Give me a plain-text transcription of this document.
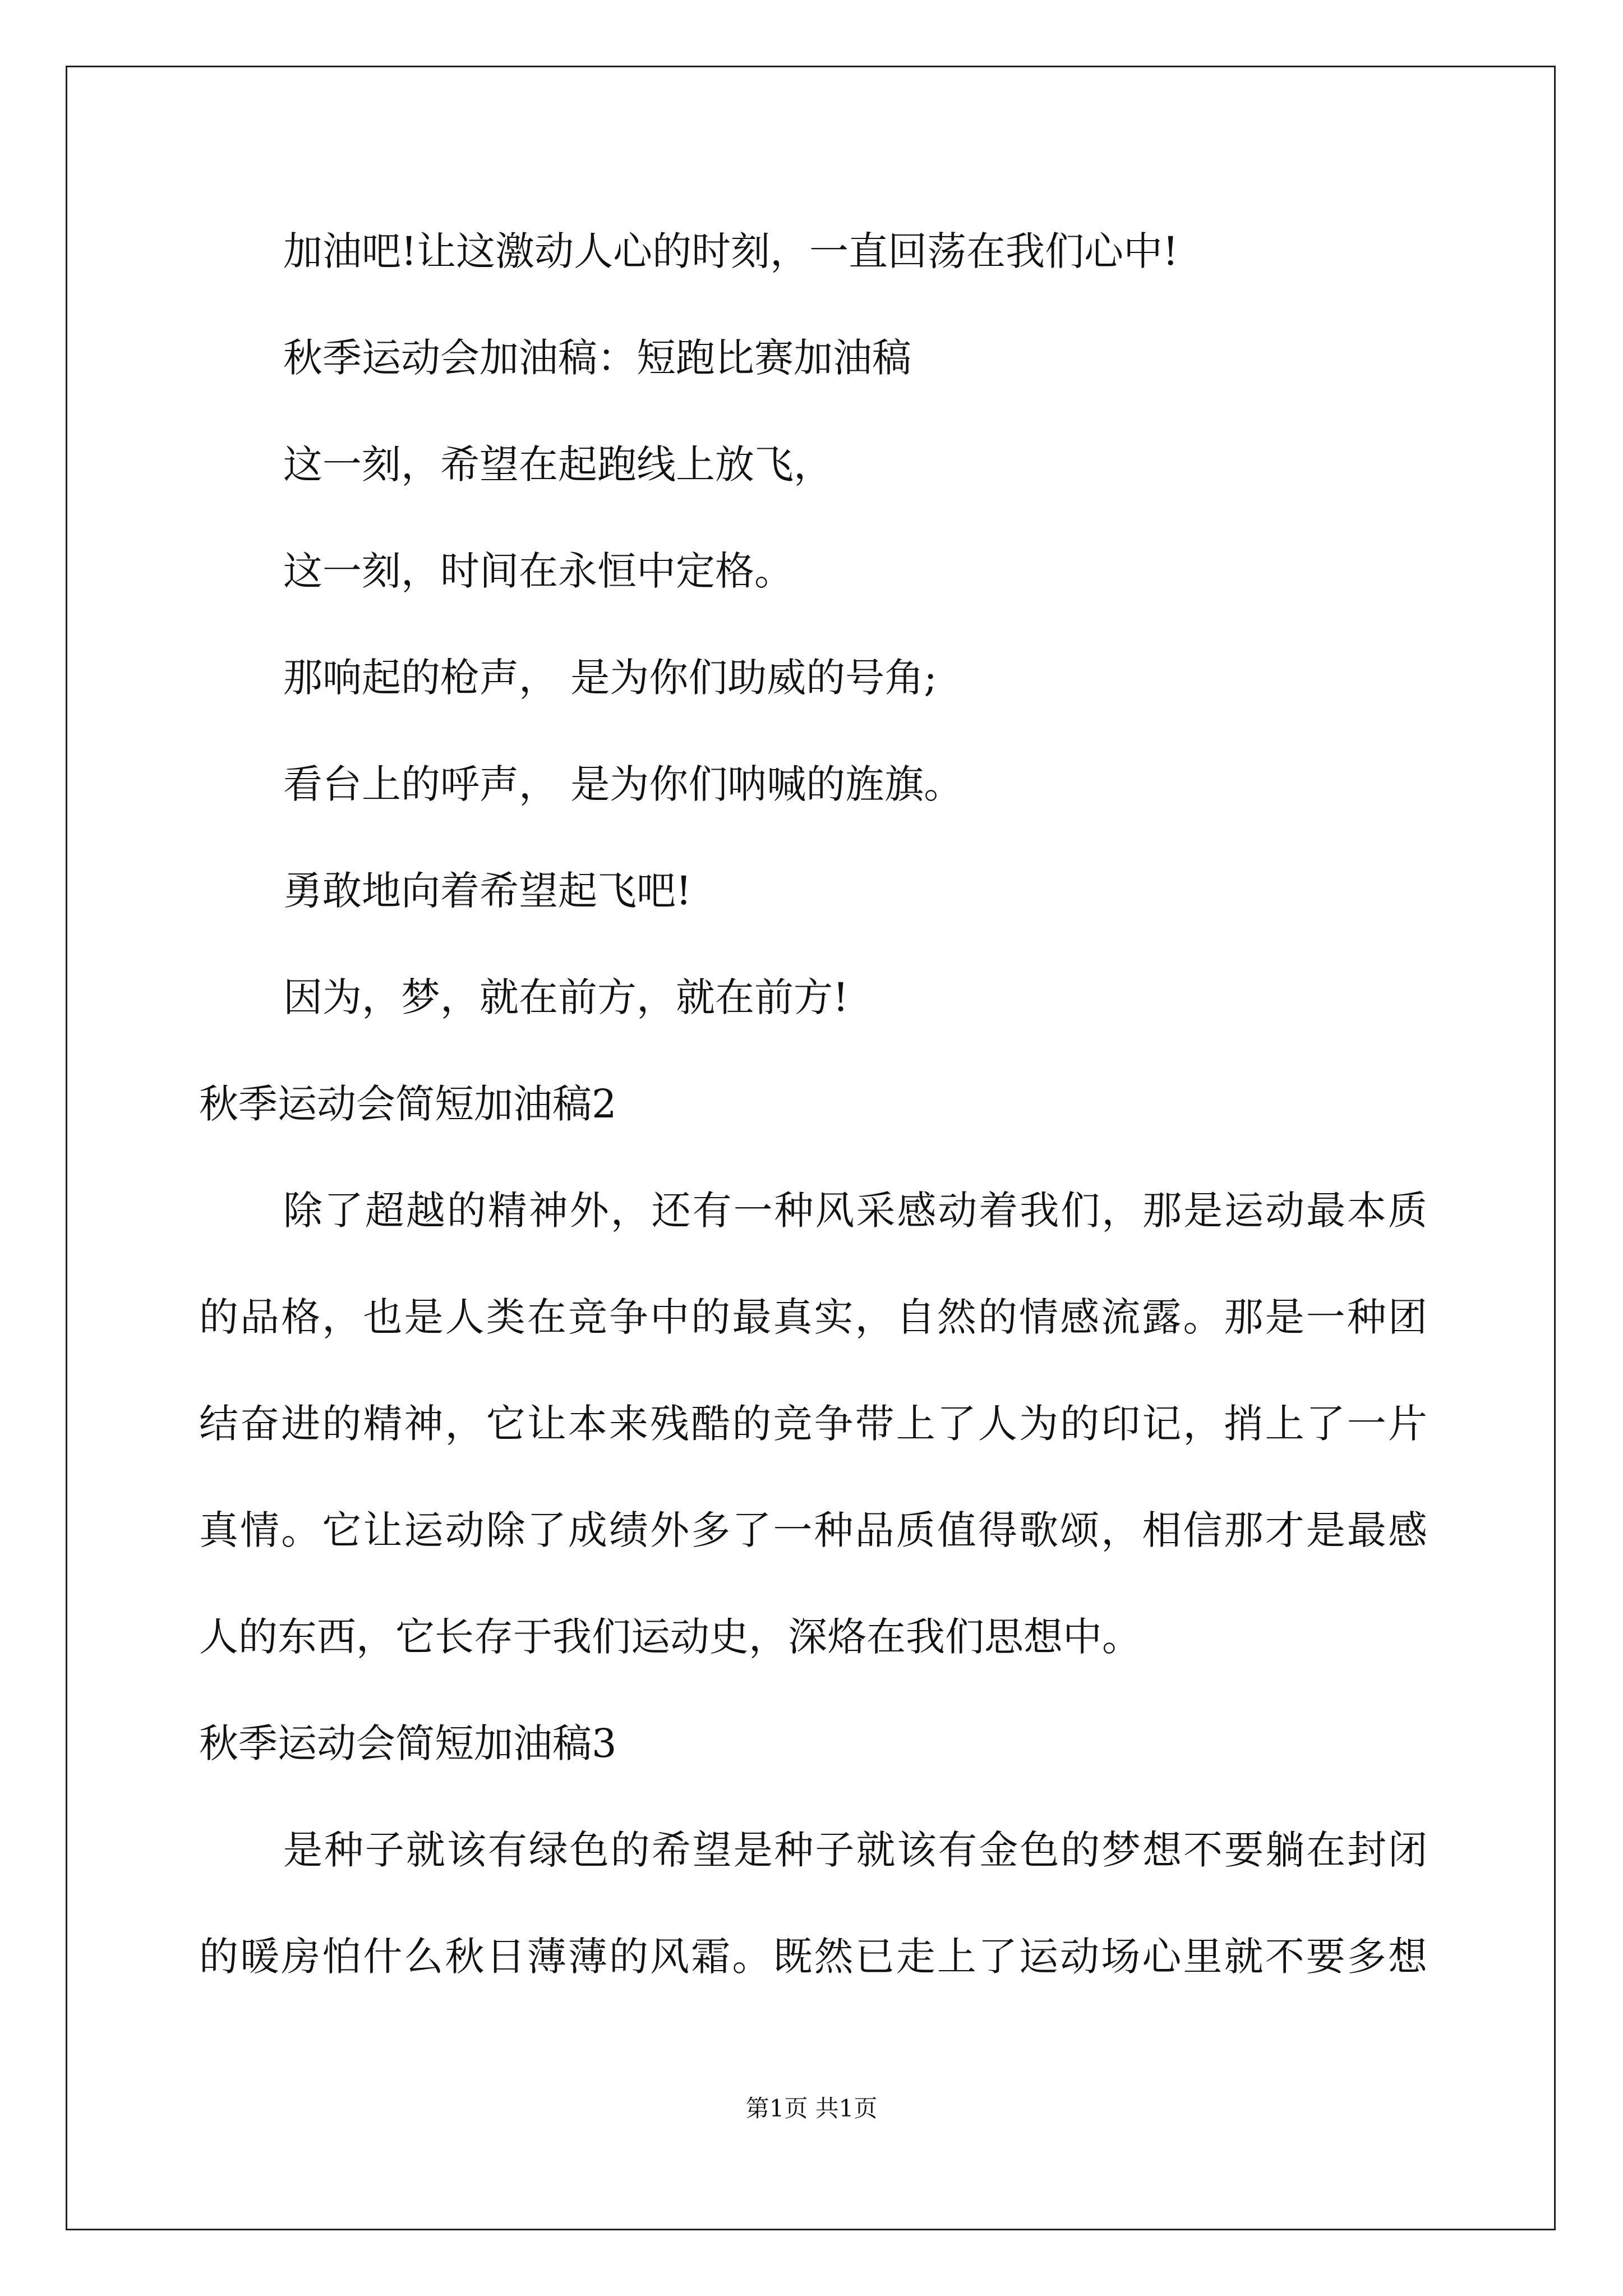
加油吧!让这激动人心的时刻，一直回荡在我们心中!
秋季运动会加油稿：短跑比赛加油稿
这一刻，希望在起跑线上放飞，
这一刻，时间在永恒中定格。
那响起的枪声， 是为你们助威的号角;
看台上的呼声， 是为你们呐喊的旌旗。
勇敢地向着希望起飞吧!
因为，梦，就在前方，就在前方!
秋季运动会简短加油稿2
除了超越的精神外，还有一种风采感动着我们，那是运动最本质
的品格，也是人类在竞争中的最真实，自然的情感流露。那是一种团
结奋进的精神，它让本来残酷的竞争带上了人为的印记，捎上了一片
真情。它让运动除了成绩外多了一种品质值得歌颂，相信那才是最感
人的东西，它长存于我们运动史，深烙在我们思想中。
秋季运动会简短加油稿3
是种子就该有绿色的希望是种子就该有金色的梦想不要躺在封闭
的暖房怕什么秋日薄薄的风霜。既然已走上了运动场心里就不要多想
第1页 共1页
